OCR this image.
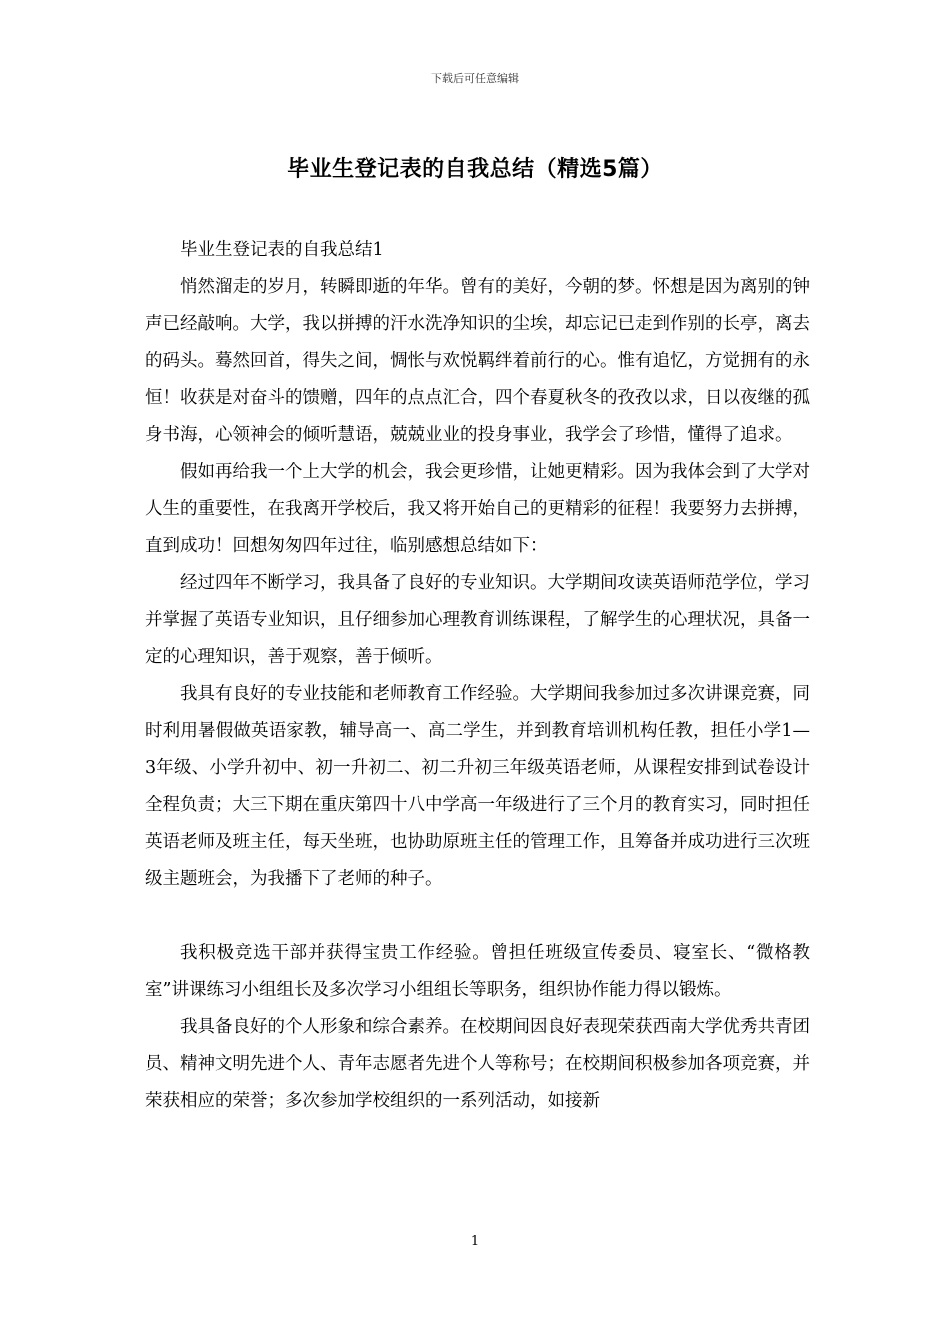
下载后可任意编辑
毕业生登记表的自我总结（精选5篇）

毕业生登记表的自我总结1

悄然溜走的岁月，转瞬即逝的年华。曾有的美好，今朝的梦。怀想是因为离别的钟声已经敲响。大学，我以拼搏的汗水洗净知识的尘埃，却忘记已走到作别的长亭，离去的码头。蓦然回首，得失之间，惆怅与欢悦羁绊着前行的心。惟有追忆，方觉拥有的永恒！收获是对奋斗的馈赠，四年的点点汇合，四个春夏秋冬的孜孜以求，日以夜继的孤身书海，心领神会的倾听慧语，兢兢业业的投身事业，我学会了珍惜，懂得了追求。

假如再给我一个上大学的机会，我会更珍惜，让她更精彩。因为我体会到了大学对人生的重要性，在我离开学校后，我又将开始自己的更精彩的征程！我要努力去拼搏，直到成功！回想匆匆四年过往，临别感想总结如下：

经过四年不断学习，我具备了良好的专业知识。大学期间攻读英语师范学位，学习并掌握了英语专业知识，且仔细参加心理教育训练课程，了解学生的心理状况，具备一定的心理知识，善于观察，善于倾听。

我具有良好的专业技能和老师教育工作经验。大学期间我参加过多次讲课竞赛，同时利用暑假做英语家教，辅导高一、高二学生，并到教育培训机构任教，担任小学1—3年级、小学升初中、初一升初二、初二升初三年级英语老师，从课程安排到试卷设计全程负责；大三下期在重庆第四十八中学高一年级进行了三个月的教育实习，同时担任英语老师及班主任，每天坐班，也协助原班主任的管理工作，且筹备并成功进行三次班级主题班会，为我播下了老师的种子。

我积极竞选干部并获得宝贵工作经验。曾担任班级宣传委员、寝室长、“微格教室”讲课练习小组组长及多次学习小组组长等职务，组织协作能力得以锻炼。

我具备良好的个人形象和综合素养。在校期间因良好表现荣获西南大学优秀共青团员、精神文明先进个人、青年志愿者先进个人等称号；在校期间积极参加各项竞赛，并荣获相应的荣誉；多次参加学校组织的一系列活动，如接新

1
